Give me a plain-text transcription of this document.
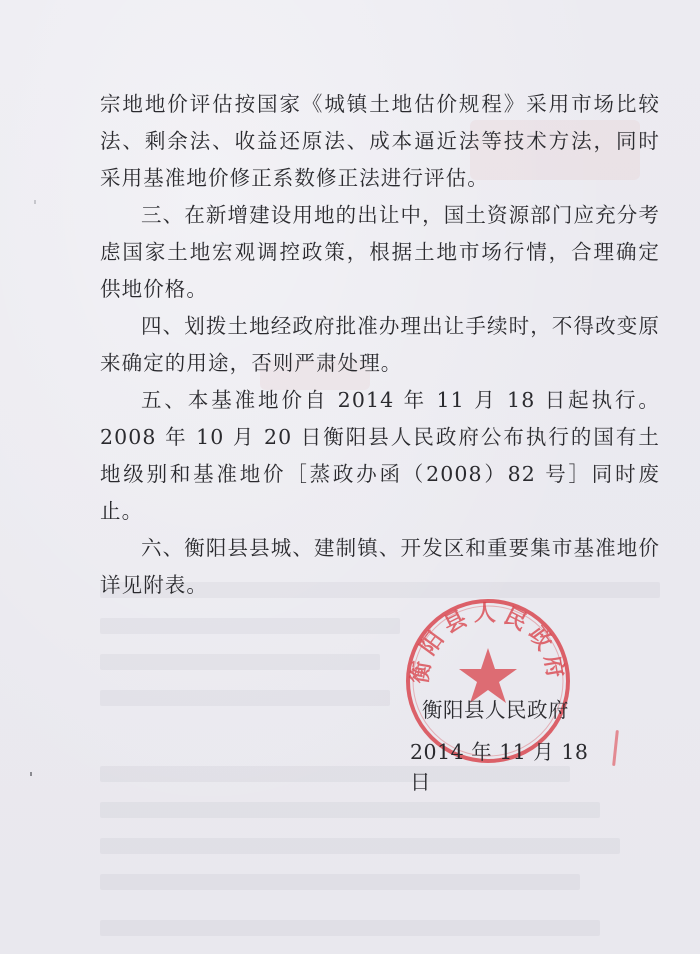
宗地地价评估按国家《城镇土地估价规程》采用市场比较法、剩余法、收益还原法、成本逼近法等技术方法，同时采用基准地价修正系数修正法进行评估。

三、在新增建设用地的出让中，国土资源部门应充分考虑国家土地宏观调控政策，根据土地市场行情，合理确定供地价格。

四、划拨土地经政府批准办理出让手续时，不得改变原来确定的用途，否则严肃处理。

五、本基准地价自 2014 年 11 月 18 日起执行。2008 年 10 月 20 日衡阳县人民政府公布执行的国有土地级别和基准地价［蒸政办函（2008）82 号］同时废止。

六、衡阳县县城、建制镇、开发区和重要集市基准地价详见附表。

衡阳县人民政府
衡阳县人民政府
2014 年 11 月 18 日
